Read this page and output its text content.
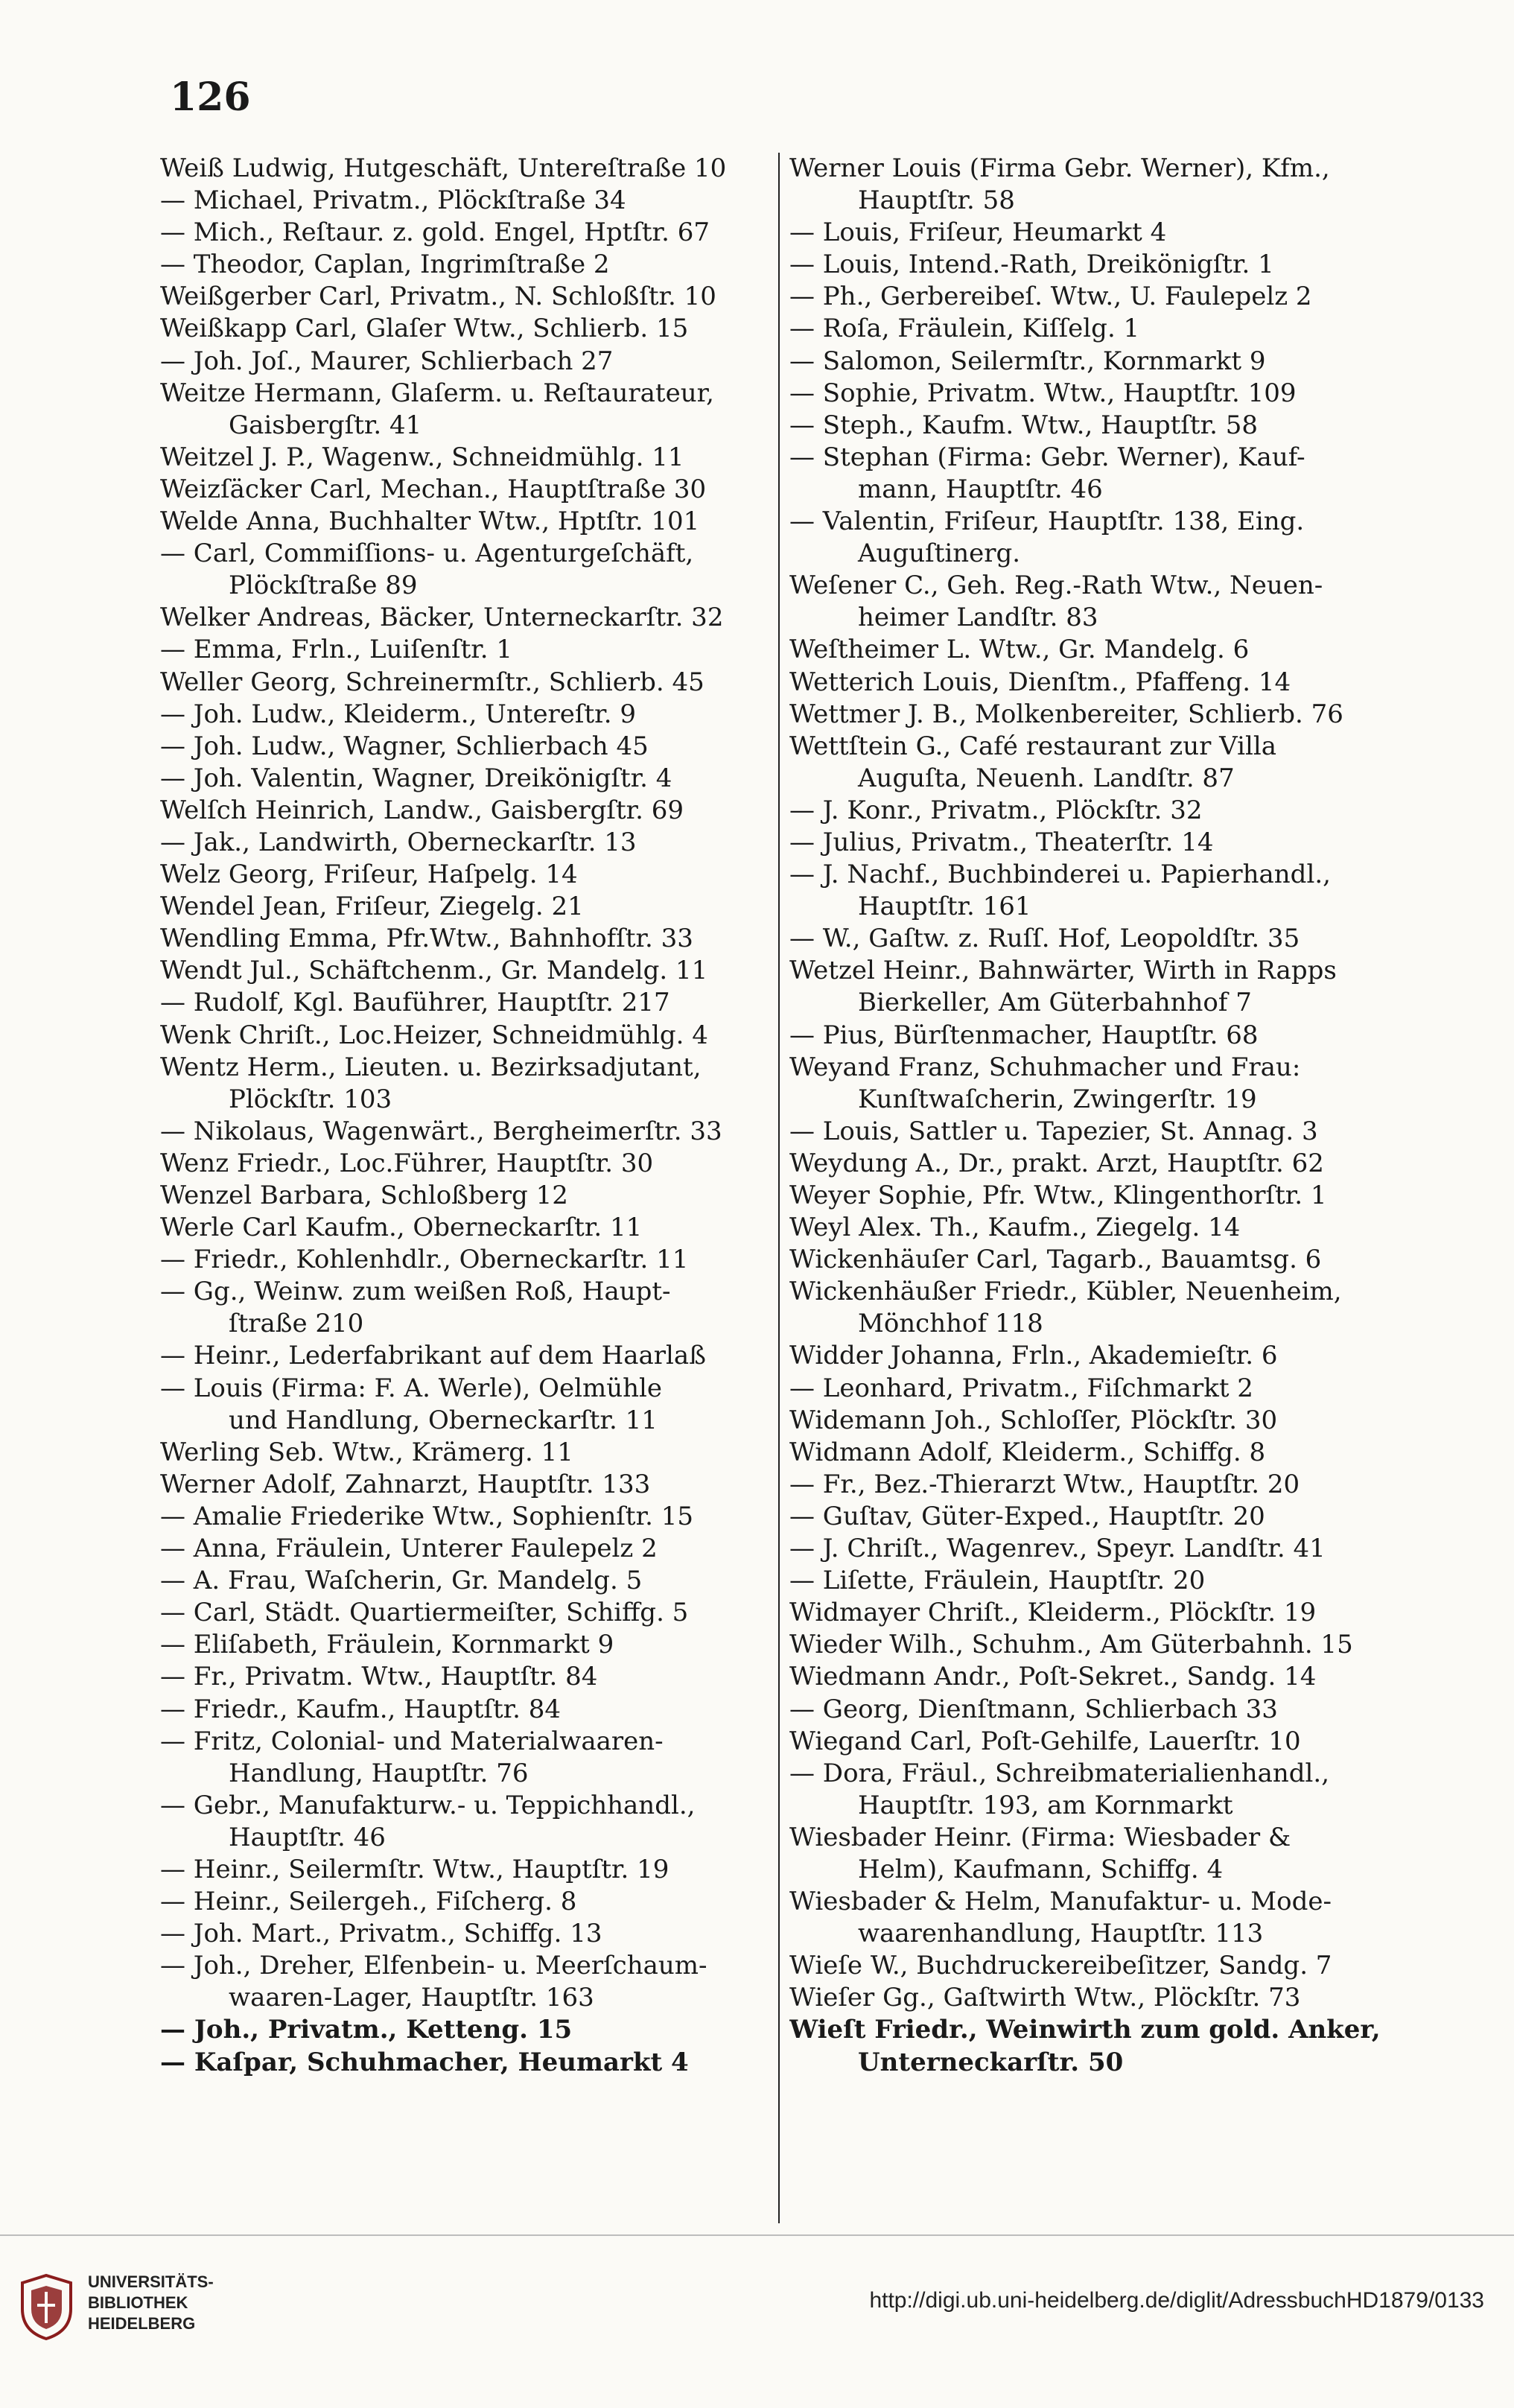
126
Weiß Ludwig, Hutgeschäft, Untereſtraße 10
— Michael, Privatm., Plöckſtraße 34
— Mich., Reſtaur. z. gold. Engel, Hptſtr. 67
— Theodor, Caplan, Ingrimſtraße 2
Weißgerber Carl, Privatm., N. Schloßſtr. 10
Weißkapp Carl, Glaſer Wtw., Schlierb. 15
— Joh. Joſ., Maurer, Schlierbach 27
Weitze Hermann, Glaſerm. u. Reſtaurateur,
Gaisbergſtr. 41
Weitzel J. P., Wagenw., Schneidmühlg. 11
Weizſäcker Carl, Mechan., Hauptſtraße 30
Welde Anna, Buchhalter Wtw., Hptſtr. 101
— Carl, Commiſſions- u. Agenturgeſchäft,
Plöckſtraße 89
Welker Andreas, Bäcker, Unterneckarſtr. 32
— Emma, Frln., Luiſenſtr. 1
Weller Georg, Schreinermſtr., Schlierb. 45
— Joh. Ludw., Kleiderm., Untereſtr. 9
— Joh. Ludw., Wagner, Schlierbach 45
— Joh. Valentin, Wagner, Dreikönigſtr. 4
Welſch Heinrich, Landw., Gaisbergſtr. 69
— Jak., Landwirth, Oberneckarſtr. 13
Welz Georg, Friſeur, Haſpelg. 14
Wendel Jean, Friſeur, Ziegelg. 21
Wendling Emma, Pfr.Wtw., Bahnhofſtr. 33
Wendt Jul., Schäftchenm., Gr. Mandelg. 11
— Rudolf, Kgl. Bauführer, Hauptſtr. 217
Wenk Chriſt., Loc.Heizer, Schneidmühlg. 4
Wentz Herm., Lieuten. u. Bezirksadjutant,
Plöckſtr. 103
— Nikolaus, Wagenwärt., Bergheimerſtr. 33
Wenz Friedr., Loc.Führer, Hauptſtr. 30
Wenzel Barbara, Schloßberg 12
Werle Carl Kaufm., Oberneckarſtr. 11
— Friedr., Kohlenhdlr., Oberneckarſtr. 11
— Gg., Weinw. zum weißen Roß, Haupt-
ſtraße 210
— Heinr., Lederfabrikant auf dem Haarlaß
— Louis (Firma: F. A. Werle), Oelmühle
und Handlung, Oberneckarſtr. 11
Werling Seb. Wtw., Krämerg. 11
Werner Adolf, Zahnarzt, Hauptſtr. 133
— Amalie Friederike Wtw., Sophienſtr. 15
— Anna, Fräulein, Unterer Faulepelz 2
— A. Frau, Waſcherin, Gr. Mandelg. 5
— Carl, Städt. Quartiermeiſter, Schiffg. 5
— Eliſabeth, Fräulein, Kornmarkt 9
— Fr., Privatm. Wtw., Hauptſtr. 84
— Friedr., Kaufm., Hauptſtr. 84
— Fritz, Colonial- und Materialwaaren-
Handlung, Hauptſtr. 76
— Gebr., Manufakturw.- u. Teppichhandl.,
Hauptſtr. 46
— Heinr., Seilermſtr. Wtw., Hauptſtr. 19
— Heinr., Seilergeh., Fiſcherg. 8
— Joh. Mart., Privatm., Schiffg. 13
— Joh., Dreher, Elfenbein- u. Meerſchaum-
waaren-Lager, Hauptſtr. 163
— Joh., Privatm., Ketteng. 15
— Kaſpar, Schuhmacher, Heumarkt 4
Werner Louis (Firma Gebr. Werner), Kfm.,
Hauptſtr. 58
— Louis, Friſeur, Heumarkt 4
— Louis, Intend.-Rath, Dreikönigſtr. 1
— Ph., Gerbereibeſ. Wtw., U. Faulepelz 2
— Roſa, Fräulein, Kiſſelg. 1
— Salomon, Seilermſtr., Kornmarkt 9
— Sophie, Privatm. Wtw., Hauptſtr. 109
— Steph., Kaufm. Wtw., Hauptſtr. 58
— Stephan (Firma: Gebr. Werner), Kauf-
mann, Hauptſtr. 46
— Valentin, Friſeur, Hauptſtr. 138, Eing.
Auguſtinerg.
Weſener C., Geh. Reg.-Rath Wtw., Neuen-
heimer Landſtr. 83
Weſtheimer L. Wtw., Gr. Mandelg. 6
Wetterich Louis, Dienſtm., Pfaffeng. 14
Wettmer J. B., Molkenbereiter, Schlierb. 76
Wettſtein G., Café restaurant zur Villa
Auguſta, Neuenh. Landſtr. 87
— J. Konr., Privatm., Plöckſtr. 32
— Julius, Privatm., Theaterſtr. 14
— J. Nachf., Buchbinderei u. Papierhandl.,
Hauptſtr. 161
— W., Gaſtw. z. Ruſſ. Hof, Leopoldſtr. 35
Wetzel Heinr., Bahnwärter, Wirth in Rapps
Bierkeller, Am Güterbahnhof 7
— Pius, Bürſtenmacher, Hauptſtr. 68
Weyand Franz, Schuhmacher und Frau:
Kunſtwaſcherin, Zwingerſtr. 19
— Louis, Sattler u. Tapezier, St. Annag. 3
Weydung A., Dr., prakt. Arzt, Hauptſtr. 62
Weyer Sophie, Pfr. Wtw., Klingenthorſtr. 1
Weyl Alex. Th., Kaufm., Ziegelg. 14
Wickenhäuſer Carl, Tagarb., Bauamtsg. 6
Wickenhäußer Friedr., Kübler, Neuenheim,
Mönchhof 118
Widder Johanna, Frln., Akademieſtr. 6
— Leonhard, Privatm., Fiſchmarkt 2
Widemann Joh., Schloſſer, Plöckſtr. 30
Widmann Adolf, Kleiderm., Schiffg. 8
— Fr., Bez.-Thierarzt Wtw., Hauptſtr. 20
— Guſtav, Güter-Exped., Hauptſtr. 20
— J. Chriſt., Wagenrev., Speyr. Landſtr. 41
— Liſette, Fräulein, Hauptſtr. 20
Widmayer Chriſt., Kleiderm., Plöckſtr. 19
Wieder Wilh., Schuhm., Am Güterbahnh. 15
Wiedmann Andr., Poſt-Sekret., Sandg. 14
— Georg, Dienſtmann, Schlierbach 33
Wiegand Carl, Poſt-Gehilfe, Lauerſtr. 10
— Dora, Fräul., Schreibmaterialienhandl.,
Hauptſtr. 193, am Kornmarkt
Wiesbader Heinr. (Firma: Wiesbader &
Helm), Kaufmann, Schiffg. 4
Wiesbader & Helm, Manufaktur- u. Mode-
waarenhandlung, Hauptſtr. 113
Wieſe W., Buchdruckereibeſitzer, Sandg. 7
Wieſer Gg., Gaſtwirth Wtw., Plöckſtr. 73
Wieſt Friedr., Weinwirth zum gold. Anker,
Unterneckarſtr. 50
UNIVERSITÄTS-
BIBLIOTHEK
HEIDELBERG
http://digi.ub.uni-heidelberg.de/diglit/AdressbuchHD1879/0133
